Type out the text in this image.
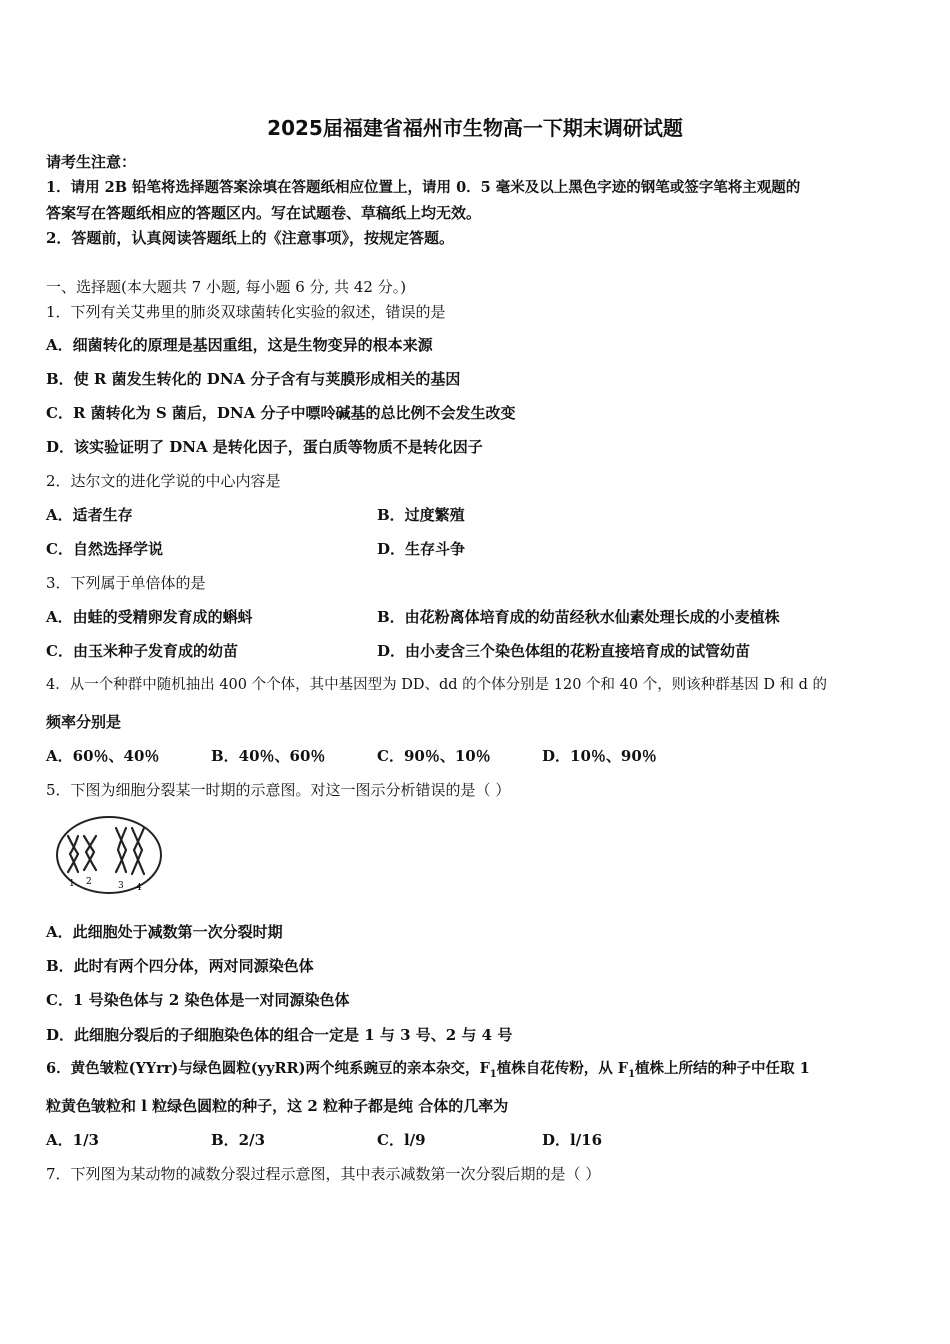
2025届福建省福州市生物高一下期末调研试题
请考生注意：
1．请用 2B 铅笔将选择题答案涂填在答题纸相应位置上，请用 0．5 毫米及以上黑色字迹的钢笔或签字笔将主观题的
答案写在答题纸相应的答题区内。写在试题卷、草稿纸上均无效。
2．答题前，认真阅读答题纸上的《注意事项》，按规定答题。
一、选择题(本大题共 7 小题, 每小题 6 分, 共 42 分。)
1．下列有关艾弗里的肺炎双球菌转化实验的叙述，错误的是
A．细菌转化的原理是基因重组，这是生物变异的根本来源
B．使 R 菌发生转化的 DNA 分子含有与荚膜形成相关的基因
C．R 菌转化为 S 菌后，DNA 分子中嘌呤碱基的总比例不会发生改变
D．该实验证明了 DNA 是转化因子，蛋白质等物质不是转化因子
2．达尔文的进化学说的中心内容是
A．适者生存	B．过度繁殖
C．自然选择学说	D．生存斗争
3．下列属于单倍体的是
A．由蛙的受精卵发育成的蝌蚪	B．由花粉离体培育成的幼苗经秋水仙素处理长成的小麦植株
C．由玉米种子发育成的幼苗	D．由小麦含三个染色体组的花粉直接培育成的试管幼苗
4．从一个种群中随机抽出 400 个个体，其中基因型为 DD、dd 的个体分别是 120 个和 40 个，则该种群基因 D 和 d 的
频率分别是
A．60％、40％	B．40％、60％	C．90％、10％	D．10％、90％
5．下图为细胞分裂某一时期的示意图。对这一图示分析错误的是（ ）
1 2	3 4
A．此细胞处于减数第一次分裂时期
B．此时有两个四分体，两对同源染色体
C．1 号染色体与 2 染色体是一对同源染色体
D．此细胞分裂后的子细胞染色体的组合一定是 1 与 3 号、2 与 4 号
6．黄色皱粒(YYrr)与绿色圆粒(yyRR)两个纯系豌豆的亲本杂交，$F_1$植株自花传粉，从 $F_1$植株上所结的种子中任取 1
粒黄色皱粒和 l 粒绿色圆粒的种子，这 2 粒种子都是纯 合体的几率为
A．1/3	B．2/3	C．l/9	D．l/16
7．下列图为某动物的减数分裂过程示意图，其中表示减数第一次分裂后期的是（ ）
